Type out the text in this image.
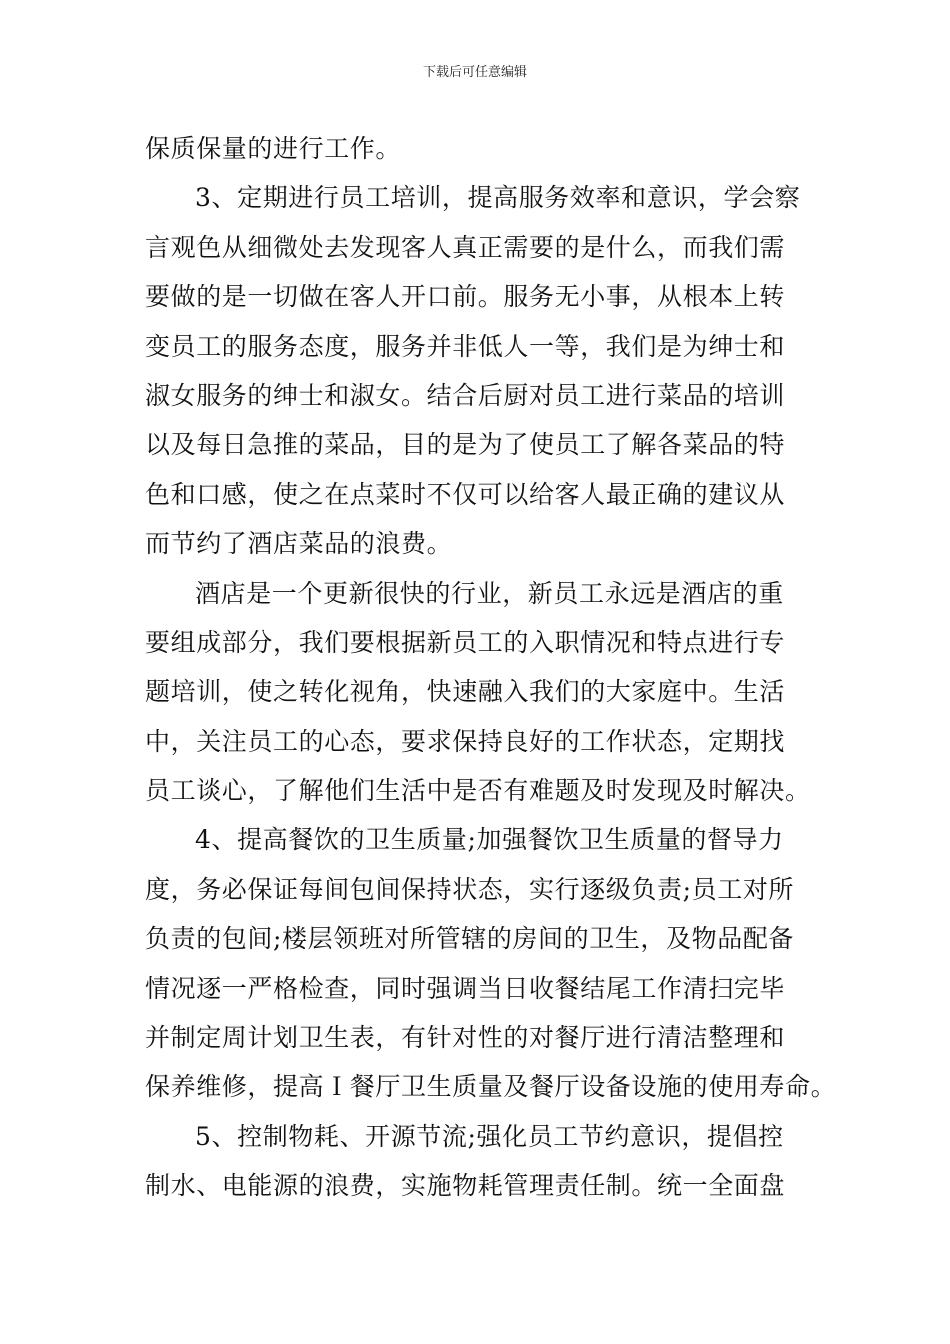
下载后可任意编辑
保质保量的进行工作。
3、定期进行员工培训，提高服务效率和意识，学会察
言观色从细微处去发现客人真正需要的是什么，而我们需
要做的是一切做在客人开口前。服务无小事，从根本上转
变员工的服务态度，服务并非低人一等，我们是为绅士和
淑女服务的绅士和淑女。结合后厨对员工进行菜品的培训
以及每日急推的菜品，目的是为了使员工了解各菜品的特
色和口感，使之在点菜时不仅可以给客人最正确的建议从
而节约了酒店菜品的浪费。
酒店是一个更新很快的行业，新员工永远是酒店的重
要组成部分，我们要根据新员工的入职情况和特点进行专
题培训，使之转化视角，快速融入我们的大家庭中。生活
中，关注员工的心态，要求保持良好的工作状态，定期找
员工谈心，了解他们生活中是否有难题及时发现及时解决。
4、提高餐饮的卫生质量;加强餐饮卫生质量的督导力
度，务必保证每间包间保持状态，实行逐级负责;员工对所
负责的包间;楼层领班对所管辖的房间的卫生，及物品配备
情况逐一严格检查，同时强调当日收餐结尾工作清扫完毕
并制定周计划卫生表，有针对性的对餐厅进行清洁整理和
保养维修，提高Ｉ餐厅卫生质量及餐厅设备设施的使用寿命。
5、控制物耗、开源节流;强化员工节约意识，提倡控
制水、电能源的浪费，实施物耗管理责任制。统一全面盘
